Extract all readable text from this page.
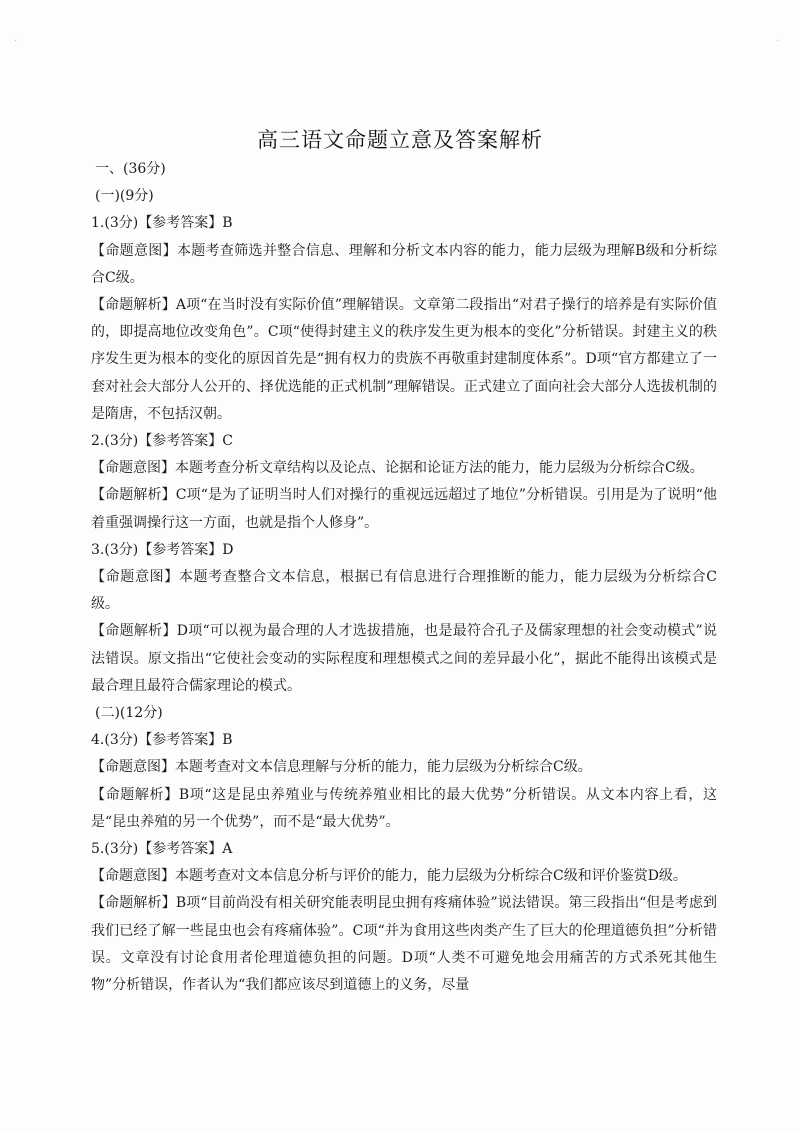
·	·
高三语文命题立意及答案解析

一、(36分)

(一)(9分)

1.(3分)【参考答案】B

【命题意图】本题考查筛选并整合信息、理解和分析文本内容的能力，能力层级为理解B级和分析综合C级。

【命题解析】A项“在当时没有实际价值”理解错误。文章第二段指出“对君子操行的培养是有实际价值的，即提高地位改变角色”。C项“使得封建主义的秩序发生更为根本的变化”分析错误。封建主义的秩序发生更为根本的变化的原因首先是“拥有权力的贵族不再敬重封建制度体系”。D项“官方都建立了一套对社会大部分人公开的、择优选能的正式机制”理解错误。正式建立了面向社会大部分人选拔机制的是隋唐，不包括汉朝。

2.(3分)【参考答案】C

【命题意图】本题考查分析文章结构以及论点、论据和论证方法的能力，能力层级为分析综合C级。

【命题解析】C项“是为了证明当时人们对操行的重视远远超过了地位”分析错误。引用是为了说明“他着重强调操行这一方面，也就是指个人修身”。

3.(3分)【参考答案】D

【命题意图】本题考查整合文本信息，根据已有信息进行合理推断的能力，能力层级为分析综合C级。

【命题解析】D项“可以视为最合理的人才选拔措施，也是最符合孔子及儒家理想的社会变动模式”说法错误。原文指出“它使社会变动的实际程度和理想模式之间的差异最小化”，据此不能得出该模式是最合理且最符合儒家理论的模式。

(二)(12分)

4.(3分)【参考答案】B

【命题意图】本题考查对文本信息理解与分析的能力，能力层级为分析综合C级。

【命题解析】B项“这是昆虫养殖业与传统养殖业相比的最大优势”分析错误。从文本内容上看，这是“昆虫养殖的另一个优势”，而不是“最大优势”。

5.(3分)【参考答案】A

【命题意图】本题考查对文本信息分析与评价的能力，能力层级为分析综合C级和评价鉴赏D级。

【命题解析】B项“目前尚没有相关研究能表明昆虫拥有疼痛体验”说法错误。第三段指出“但是考虑到我们已经了解一些昆虫也会有疼痛体验”。C项“并为食用这些肉类产生了巨大的伦理道德负担”分析错误。文章没有讨论食用者伦理道德负担的问题。D项“人类不可避免地会用痛苦的方式杀死其他生物”分析错误，作者认为“我们都应该尽到道德上的义务，尽量
